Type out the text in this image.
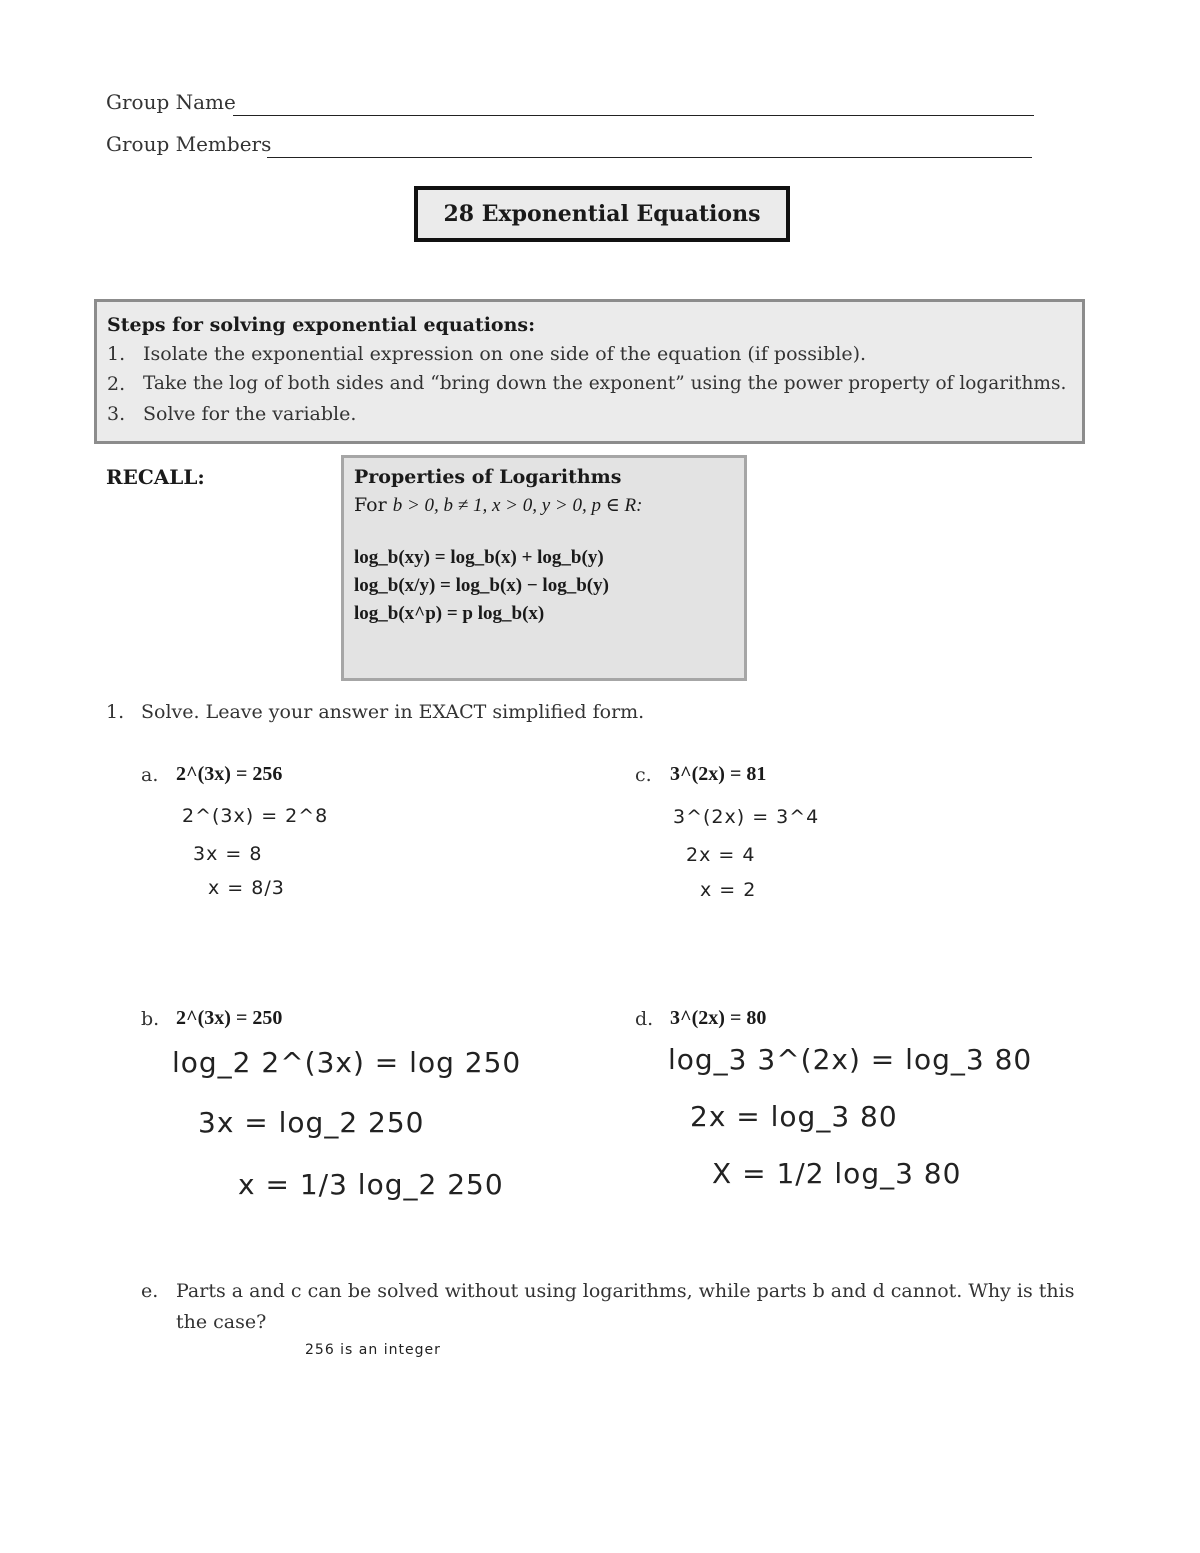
Group Name
Group Members
28 Exponential Equations
Steps for solving exponential equations:
1. Isolate the exponential expression on one side of the equation (if possible).
2. Take the log of both sides and “bring down the exponent” using the power property of logarithms.
3. Solve for the variable.
RECALL:	Properties of Logarithms
For b > 0, b ≠ 1, x > 0, y > 0, p ∈ R:
log_b(xy) = log_b(x) + log_b(y)
log_b(x/y) = log_b(x) − log_b(y)
log_b(x^p) = p log_b(x)
1. Solve. Leave your answer in EXACT simplified form.
a. 2^(3x) = 256
2^(3x) = 2^8
3x = 8
x = 8/3
c. 3^(2x) = 81
3^(2x) = 3^4
2x = 4
x = 2
b. 2^(3x) = 250
log_2 2^(3x) = log 250
3x = log_2 250
x = 1/3 log_2 250
d. 3^(2x) = 80
log_3 3^(2x) = log_3 80
2x = log_3 80
X = 1/2 log_3 80
e. Parts a and c can be solved without using logarithms, while parts b and d cannot. Why is this
the case?
256 is an integer
